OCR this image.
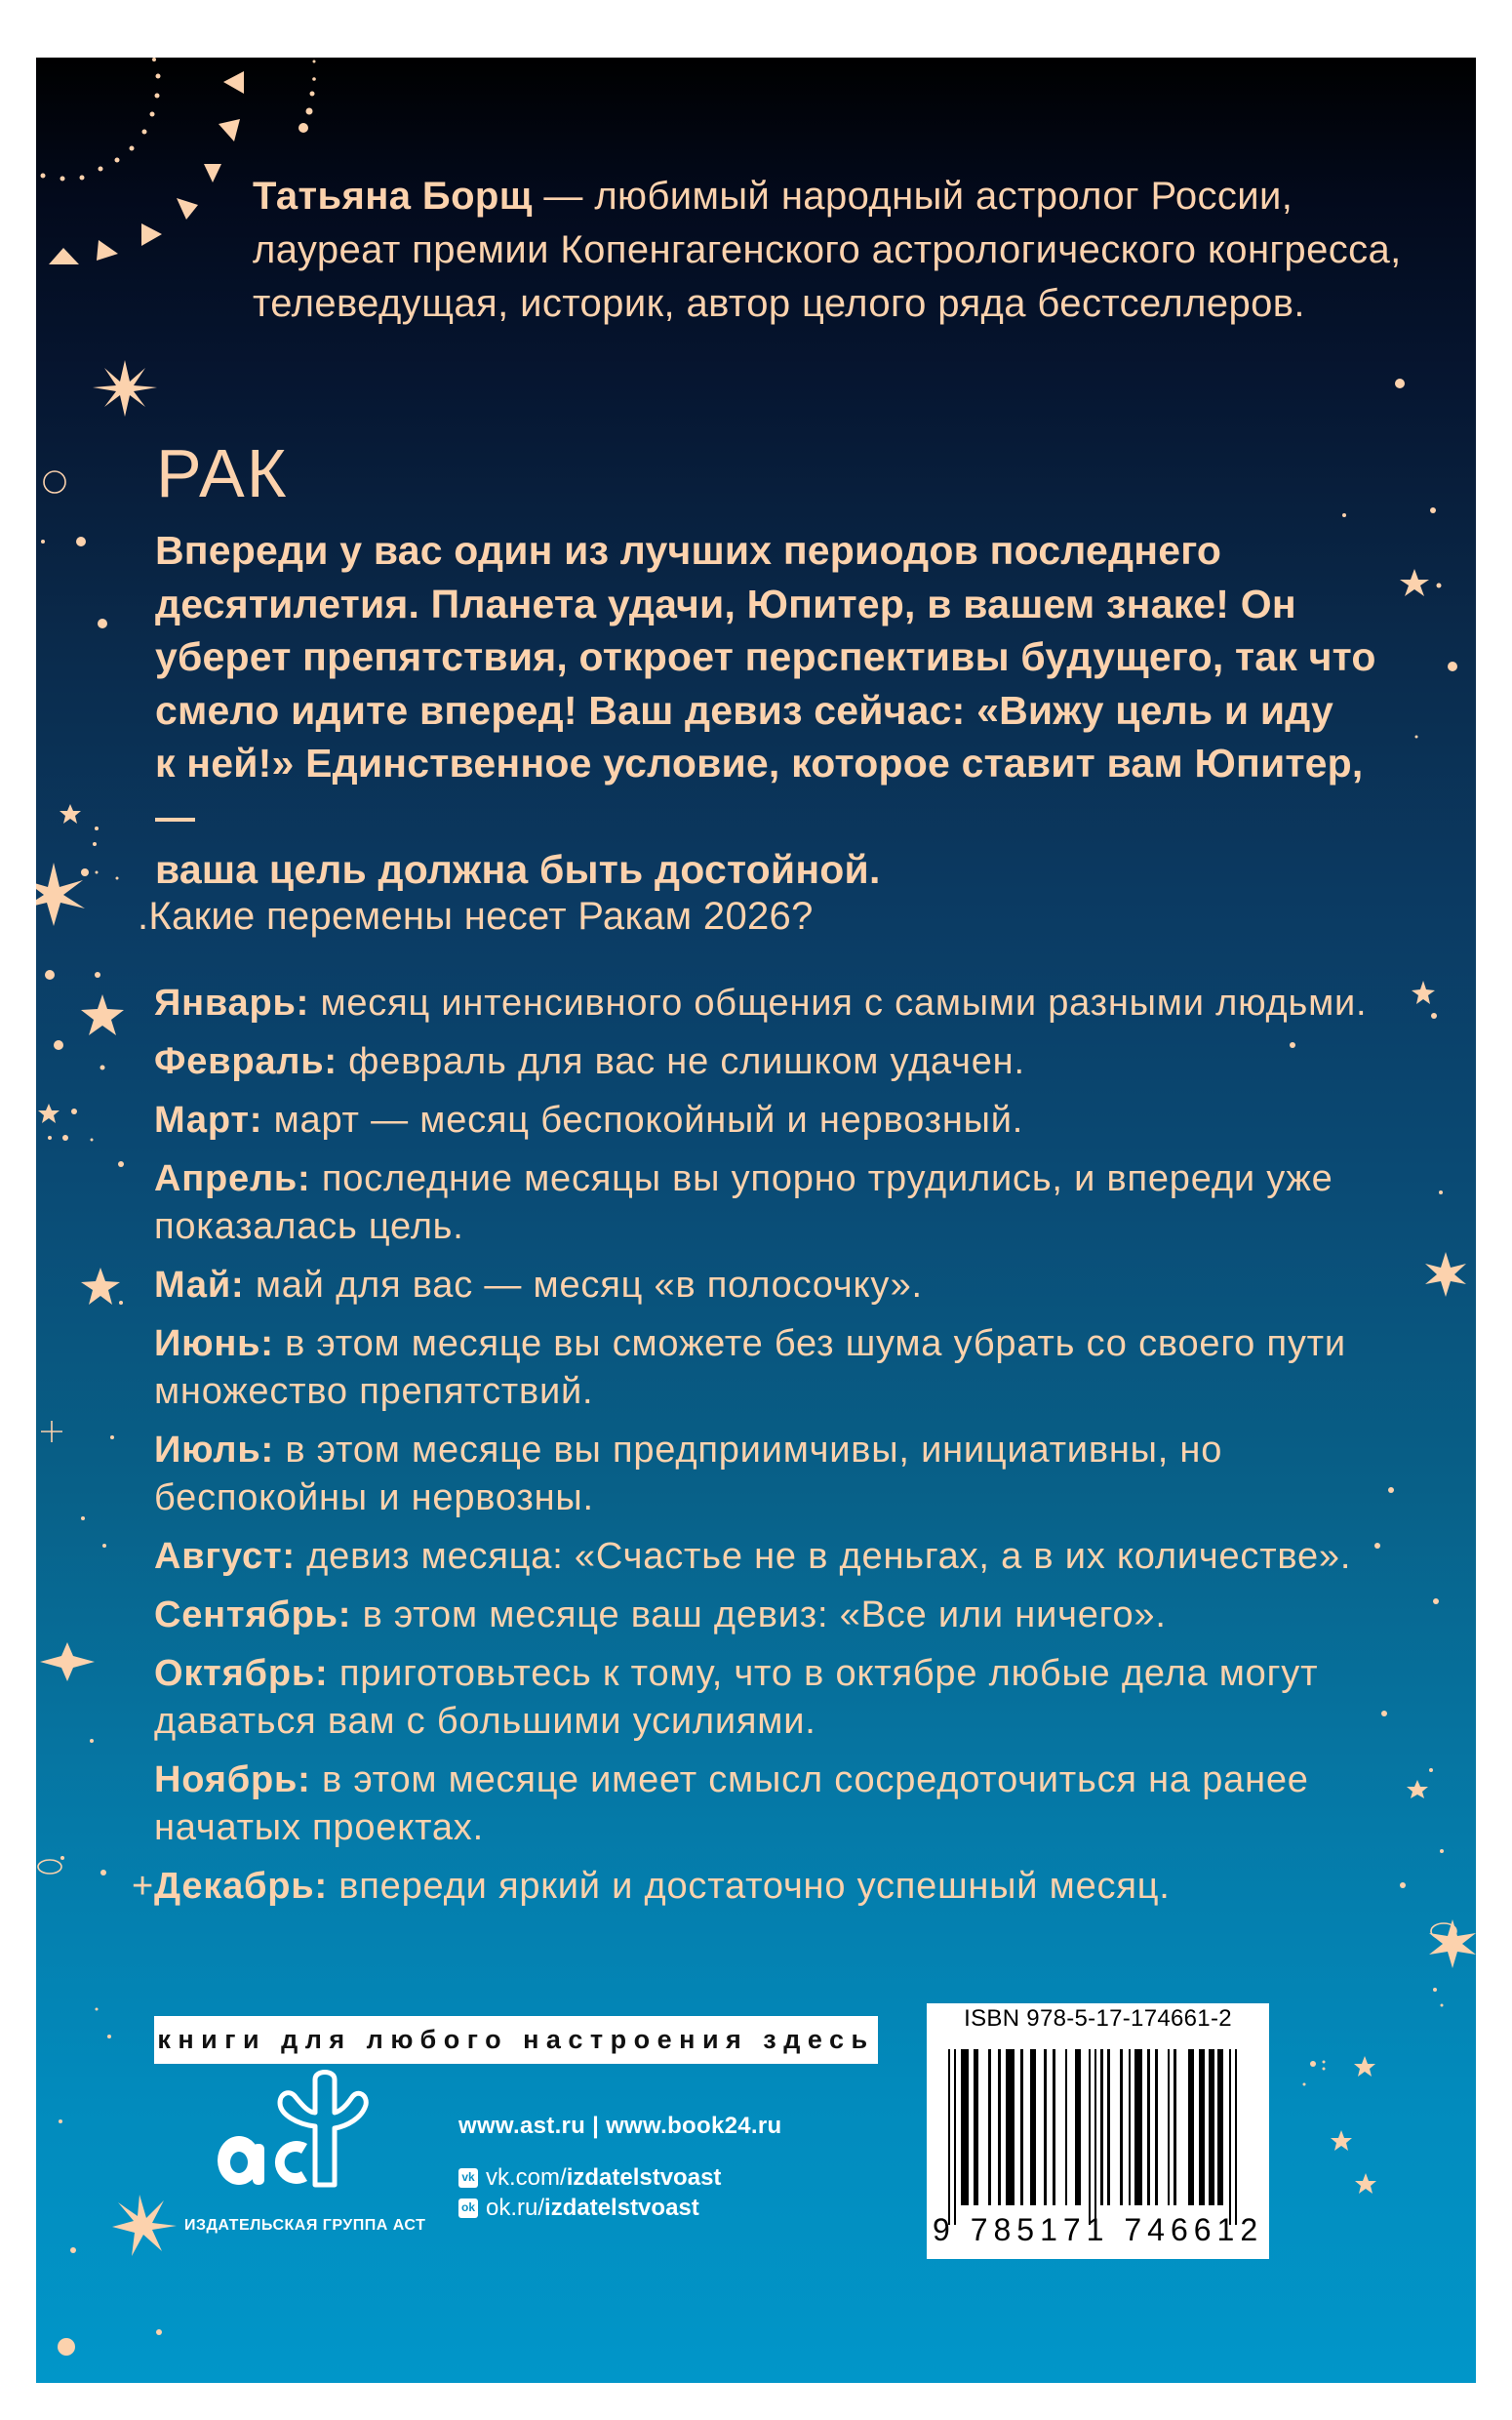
Татьяна Борщ — любимый народный астролог России,
лауреат премии Копенгагенского астрологического конгресса,
телеведущая, историк, автор целого ряда бестселлеров.
РАК
Впереди у вас один из лучших периодов последнего
десятилетия. Планета удачи, Юпитер, в вашем знаке! Он
уберет препятствия, откроет перспективы будущего, так что
смело идите вперед! Ваш девиз сейчас: «Вижу цель и иду
к ней!» Единственное условие, которое ставит вам Юпитер, —
ваша цель должна быть достойной.
.Какие перемены несет Ракам 2026?
Январь: месяц интенсивного общения с самыми разными людьми.
Февраль: февраль для вас не слишком удачен.
Март: март — месяц беспокойный и нервозный.
Апрель: последние месяцы вы упорно трудились, и впереди уже показалась цель.
Май: май для вас — месяц «в полосочку».
Июнь: в этом месяце вы сможете без шума убрать со своего пути множество препятствий.
Июль: в этом месяце вы предприимчивы, инициативны, но беспокойны и нервозны.
Август: девиз месяца: «Счастье не в деньгах, а в их количестве».
Сентябрь: в этом месяце ваш девиз: «Все или ничего».
Октябрь: приготовьтесь к тому, что в октябре любые дела могут даваться вам с большими усилиями.
Ноябрь: в этом месяце имеет смысл сосредоточиться на ранее начатых проектах.
+ Декабрь: впереди яркий и достаточно успешный месяц.
книги для любого настроения здесь
ИЗДАТЕЛЬСКАЯ ГРУППА АСТ
www.ast.ru | www.book24.ru
vk vk.com/izdatelstvoast
ok ok.ru/izdatelstvoast
ISBN 978-5-17-174661-2
9 785171 746612
